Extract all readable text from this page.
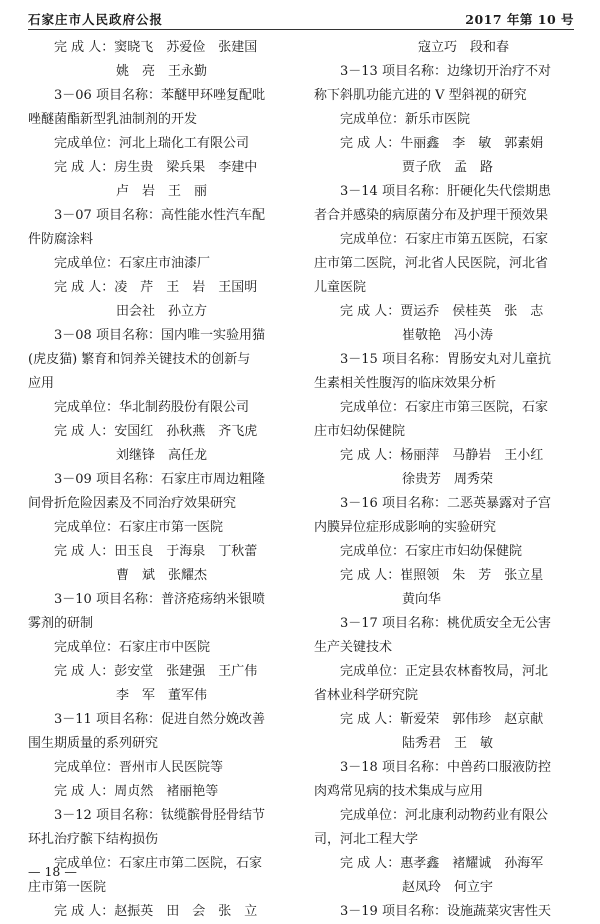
石家庄市人民政府公报	2017 年第 10 号
完 成 人：窦晓飞　苏爱俭　张建国
姚　亮　王永勤
3－06 项目名称：苯醚甲环唑复配吡
唑醚菌酯新型乳油制剂的开发
完成单位：河北上瑞化工有限公司
完 成 人：房生贵　梁兵果　李建中
卢　岩　王　丽
3－07 项目名称：高性能水性汽车配
件防腐涂料
完成单位：石家庄市油漆厂
完 成 人：凌　芹　王　岩　王国明
田会社　孙立方
3－08 项目名称：国内唯一实验用猫
(虎皮猫) 繁育和饲养关键技术的创新与
应用
完成单位：华北制药股份有限公司
完 成 人：安国红　孙秋燕　齐飞虎
刘继锋　高任龙
3－09 项目名称：石家庄市周边粗隆
间骨折危险因素及不同治疗效果研究
完成单位：石家庄市第一医院
完 成 人：田玉良　于海泉　丁秋蕾
曹　斌　张耀杰
3－10 项目名称：普济疮疡纳米银喷
雾剂的研制
完成单位：石家庄市中医院
完 成 人：彭安堂　张建强　王广伟
李　军　董军伟
3－11 项目名称：促进自然分娩改善
围生期质量的系列研究
完成单位：晋州市人民医院等
完 成 人：周贞然　褚丽艳等
3－12 项目名称：钛缆髌骨胫骨结节
环扎治疗髌下结构损伤
完成单位：石家庄市第二医院，石家
庄市第一医院
完 成 人：赵振英　田　会　张　立
寇立巧　段和春
3－13 项目名称：边缘切开治疗不对
称下斜肌功能亢进的 V 型斜视的研究
完成单位：新乐市医院
完 成 人：牛丽鑫　李　敏　郭素娟
贾子欣　孟　路
3－14 项目名称：肝硬化失代偿期患
者合并感染的病原菌分布及护理干预效果
完成单位：石家庄市第五医院，石家
庄市第二医院，河北省人民医院，河北省
儿童医院
完 成 人：贾运乔　侯桂英　张　志
崔敬艳　冯小涛
3－15 项目名称：胃肠安丸对儿童抗
生素相关性腹泻的临床效果分析
完成单位：石家庄市第三医院，石家
庄市妇幼保健院
完 成 人：杨丽萍　马静岩　王小红
徐贵芳　周秀荣
3－16 项目名称：二恶英暴露对子宫
内膜异位症形成影响的实验研究
完成单位：石家庄市妇幼保健院
完 成 人：崔照领　朱　芳　张立星
黄向华
3－17 项目名称：桃优质安全无公害
生产关键技术
完成单位：正定县农林畜牧局，河北
省林业科学研究院
完 成 人：靳爱荣　郭伟珍　赵京献
陆秀君　王　敏
3－18 项目名称：中兽药口服液防控
肉鸡常见病的技术集成与应用
完成单位：河北康利动物药业有限公
司，河北工程大学
完 成 人：惠孝鑫　褚耀诚　孙海军
赵凤玲　何立宇
3－19 项目名称：设施蔬菜灾害性天
— 18 —
